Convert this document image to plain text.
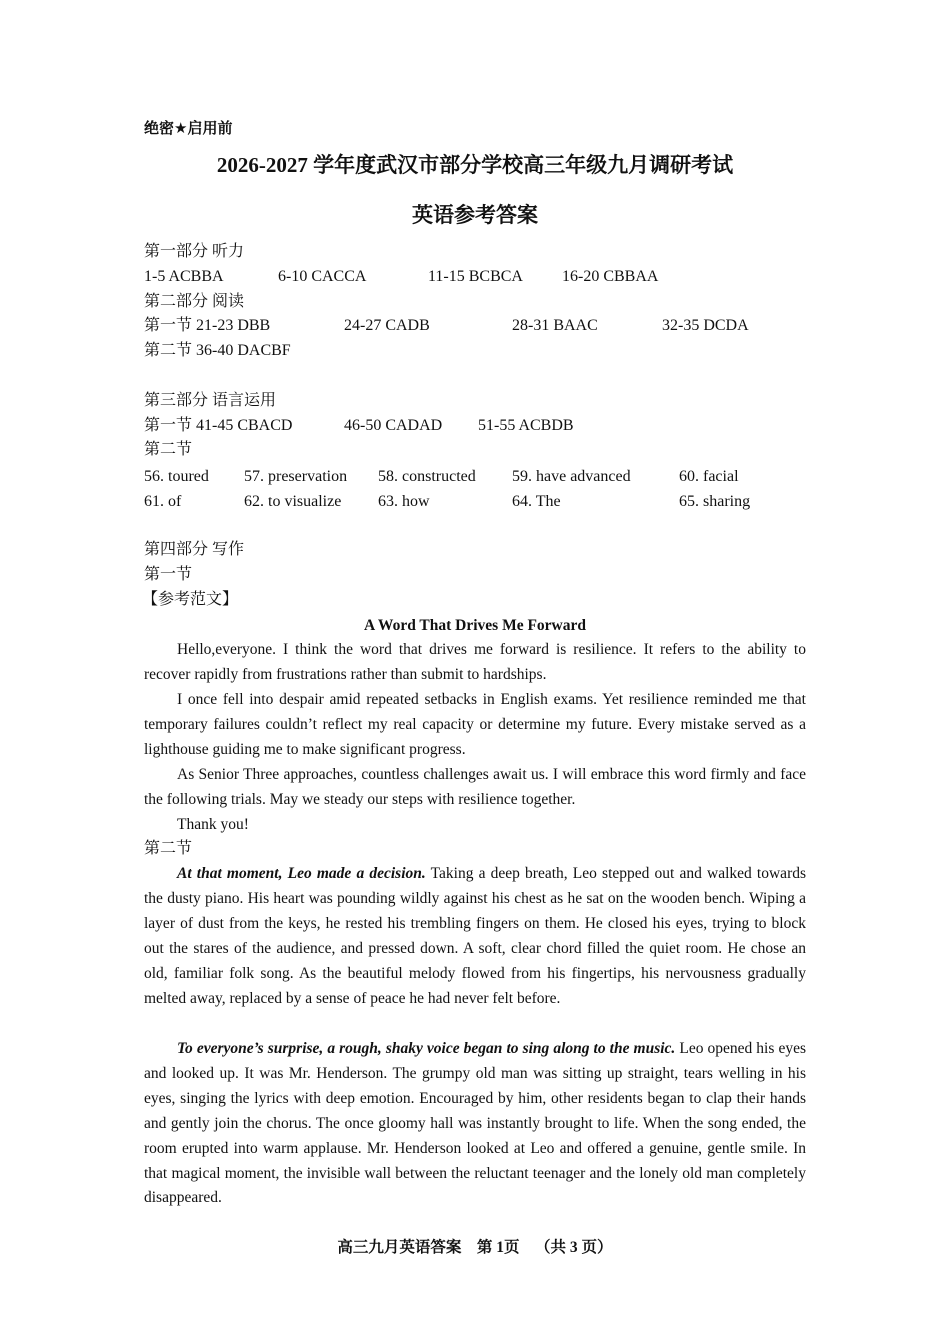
绝密★启用前
2026-2027 学年度武汉市部分学校高三年级九月调研考试
英语参考答案
第一部分 听力
1-5 ACBBA	6-10 CACCA	11-15 BCBCA 16-20 CBBAA
第二部分 阅读
第一节 21-23 DBB	24-27 CADB	28-31 BAAC	32-35 DCDA
第二节 36-40 DACBF
第三部分 语言运用
第一节 41-45 CBACD	46-50 CADAD 51-55 ACBDB
第二节
56. toured 57. preservation 58. constructed 59. have advanced	60. facial
61. of	62. to visualize 63. how	64. The	65. sharing
第四部分 写作
第一节
【参考范文】
A Word That Drives Me Forward
Hello,everyone. I think the word that drives me forward is resilience. It refers to the ability to recover rapidly from frustrations rather than submit to hardships.
I once fell into despair amid repeated setbacks in English exams. Yet resilience reminded me that temporary failures couldn’t reflect my real capacity or determine my future. Every mistake served as a lighthouse guiding me to make significant progress.
As Senior Three approaches, countless challenges await us. I will embrace this word firmly and face the following trials. May we steady our steps with resilience together.
Thank you!
第二节
At that moment, Leo made a decision. Taking a deep breath, Leo stepped out and walked towards the dusty piano. His heart was pounding wildly against his chest as he sat on the wooden bench. Wiping a layer of dust from the keys, he rested his trembling fingers on them. He closed his eyes, trying to block out the stares of the audience, and pressed down. A soft, clear chord filled the quiet room. He chose an old, familiar folk song. As the beautiful melody flowed from his fingertips, his nervousness gradually melted away, replaced by a sense of peace he had never felt before.
To everyone’s surprise, a rough, shaky voice began to sing along to the music. Leo opened his eyes and looked up. It was Mr. Henderson. The grumpy old man was sitting up straight, tears welling in his eyes, singing the lyrics with deep emotion. Encouraged by him, other residents began to clap their hands and gently join the chorus. The once gloomy hall was instantly brought to life. When the song ended, the room erupted into warm applause. Mr. Henderson looked at Leo and offered a genuine, gentle smile. In that magical moment, the invisible wall between the reluctant teenager and the lonely old man completely disappeared.
高三九月英语答案    第 1页    （共 3 页）
